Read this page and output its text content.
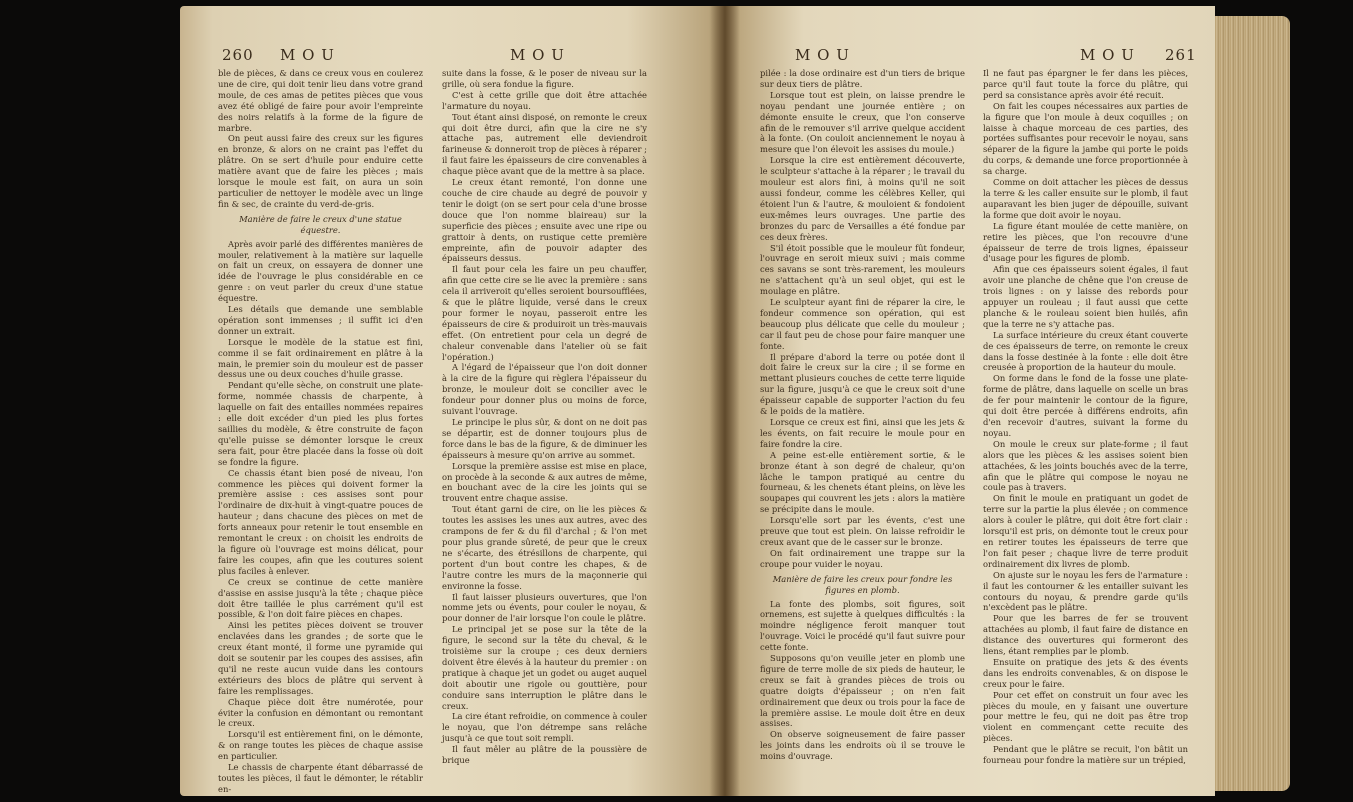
260 M O U	M O U

ble de pièces, & dans ce creux vous en coulerez une de cire, qui doit tenir lieu dans votre grand moule, de ces amas de petites pièces que vous avez été obligé de faire pour avoir l'empreinte des noirs relatifs à la forme de la figure de marbre.

On peut aussi faire des creux sur les figures en bronze, & alors on ne craint pas l'effet du plâtre. On se sert d'huile pour enduire cette matière avant que de faire les pièces ; mais lorsque le moule est fait, on aura un soin particulier de nettoyer le modèle avec un linge fin & sec, de crainte du verd-de-gris.

Manière de faire le creux d'une statue équestre.

Après avoir parlé des différentes manières de mouler, relativement à la matière sur laquelle on fait un creux, on essayera de donner une idée de l'ouvrage le plus considérable en ce genre : on veut parler du creux d'une statue équestre.

Les détails que demande une semblable opération sont immenses ; il suffit ici d'en donner un extrait.

Lorsque le modèle de la statue est fini, comme il se fait ordinairement en plâtre à la main, le premier soin du mouleur est de passer dessus une ou deux couches d'huile grasse.

Pendant qu'elle sèche, on construit une plate-forme, nommée chassis de charpente, à laquelle on fait des entailles nommées repaires : elle doit excéder d'un pied les plus fortes saillies du modèle, & être construite de façon qu'elle puisse se démonter lorsque le creux sera fait, pour être placée dans la fosse où doit se fondre la figure.

Ce chassis étant bien posé de niveau, l'on commence les pièces qui doivent former la première assise : ces assises sont pour l'ordinaire de dix-huit à vingt-quatre pouces de hauteur ; dans chacune des pièces on met de forts anneaux pour retenir le tout ensemble en remontant le creux : on choisit les endroits de la figure où l'ouvrage est moins délicat, pour faire les coupes, afin que les coutures soient plus faciles à enlever.

Ce creux se continue de cette manière d'assise en assise jusqu'à la tête ; chaque pièce doit être taillée le plus carrément qu'il est possible, & l'on doit faire pièces en chapes.

Ainsi les petites pièces doivent se trouver enclavées dans les grandes ; de sorte que le creux étant monté, il forme une pyramide qui doit se soutenir par les coupes des assises, afin qu'il ne reste aucun vuide dans les contours extérieurs des blocs de plâtre qui servent à faire les remplissages.

Chaque pièce doit être numérotée, pour éviter la confusion en démontant ou remontant le creux.

Lorsqu'il est entièrement fini, on le démonte, & on range toutes les pièces de chaque assise en particulier.

Le chassis de charpente étant débarrassé de toutes les pièces, il faut le démonter, le rétablir en-

suite dans la fosse, & le poser de niveau sur la grille, où sera fondue la figure.

C'est à cette grille que doit être attachée l'armature du noyau.

Tout étant ainsi disposé, on remonte le creux qui doit être durci, afin que la cire ne s'y attache pas, autrement elle deviendroit farineuse & donneroit trop de pièces à réparer ; il faut faire les épaisseurs de cire convenables à chaque pièce avant que de la mettre à sa place.

Le creux étant remonté, l'on donne une couche de cire chaude au degré de pouvoir y tenir le doigt (on se sert pour cela d'une brosse douce que l'on nomme blaireau) sur la superficie des pièces ; ensuite avec une ripe ou grattoir à dents, on rustique cette première empreinte, afin de pouvoir adapter des épaisseurs dessus.

Il faut pour cela les faire un peu chauffer, afin que cette cire se lie avec la première : sans cela il arriveroit qu'elles seroient boursoufflées, & que le plâtre liquide, versé dans le creux pour former le noyau, passeroit entre les épaisseurs de cire & produiroit un très-mauvais effet. (On entretient pour cela un degré de chaleur convenable dans l'atelier où se fait l'opération.)

A l'égard de l'épaisseur que l'on doit donner à la cire de la figure qui règlera l'épaisseur du bronze, le mouleur doit se concilier avec le fondeur pour donner plus ou moins de force, suivant l'ouvrage.

Le principe le plus sûr, & dont on ne doit pas se départir, est de donner toujours plus de force dans le bas de la figure, & de diminuer les épaisseurs à mesure qu'on arrive au sommet.

Lorsque la première assise est mise en place, on procède à la seconde & aux autres de même, en bouchant avec de la cire les joints qui se trouvent entre chaque assise.

Tout étant garni de cire, on lie les pièces & toutes les assises les unes aux autres, avec des crampons de fer & du fil d'archal ; & l'on met pour plus grande sûreté, de peur que le creux ne s'écarte, des étrésillons de charpente, qui portent d'un bout contre les chapes, & de l'autre contre les murs de la maçonnerie qui environne la fosse.

Il faut laisser plusieurs ouvertures, que l'on nomme jets ou évents, pour couler le noyau, & pour donner de l'air lorsque l'on coule le plâtre.

Le principal jet se pose sur la tête de la figure, le second sur la tête du cheval, & le troisième sur la croupe ; ces deux derniers doivent être élevés à la hauteur du premier : on pratique à chaque jet un godet ou auget auquel doit aboutir une rigole ou gouttière, pour conduire sans interruption le plâtre dans le creux.

La cire étant refroidie, on commence à couler le noyau, que l'on détrempe sans relâche jusqu'à ce que tout soit rempli.

Il faut mêler au plâtre de la poussière de brique

M O U	M O U 261

pilée : la dose ordinaire est d'un tiers de brique sur deux tiers de plâtre.

Lorsque tout est plein, on laisse prendre le noyau pendant une journée entière ; on démonte ensuite le creux, que l'on conserve afin de le remouver s'il arrive quelque accident à la fonte. (On couloit anciennement le noyau à mesure que l'on élevoit les assises du moule.)

Lorsque la cire est entièrement découverte, le sculpteur s'attache à la réparer ; le travail du mouleur est alors fini, à moins qu'il ne soit aussi fondeur, comme les célèbres Keller, qui étoient l'un & l'autre, & mouloient & fondoient eux-mêmes leurs ouvrages. Une partie des bronzes du parc de Versailles a été fondue par ces deux frères.

S'il étoit possible que le mouleur fût fondeur, l'ouvrage en seroit mieux suivi ; mais comme ces savans se sont très-rarement, les mouleurs ne s'attachent qu'à un seul objet, qui est le moulage en plâtre.

Le sculpteur ayant fini de réparer la cire, le fondeur commence son opération, qui est beaucoup plus délicate que celle du mouleur ; car il faut peu de chose pour faire manquer une fonte.

Il prépare d'abord la terre ou potée dont il doit faire le creux sur la cire ; il se forme en mettant plusieurs couches de cette terre liquide sur la figure, jusqu'à ce que le creux soit d'une épaisseur capable de supporter l'action du feu & le poids de la matière.

Lorsque ce creux est fini, ainsi que les jets & les évents, on fait recuire le moule pour en faire fondre la cire.

A peine est-elle entièrement sortie, & le bronze étant à son degré de chaleur, qu'on lâche le tampon pratiqué au centre du fourneau, & les chenets étant pleins, on lève les soupapes qui couvrent les jets : alors la matière se précipite dans le moule.

Lorsqu'elle sort par les évents, c'est une preuve que tout est plein. On laisse refroidir le creux avant que de le casser sur le bronze.

On fait ordinairement une trappe sur la croupe pour vuider le noyau.

Manière de faire les creux pour fondre les figures en plomb.

La fonte des plombs, soit figures, soit ornemens, est sujette à quelques difficultés : la moindre négligence feroit manquer tout l'ouvrage. Voici le procédé qu'il faut suivre pour cette fonte.

Supposons qu'on veuille jeter en plomb une figure de terre molle de six pieds de hauteur, le creux se fait à grandes pièces de trois ou quatre doigts d'épaisseur ; on n'en fait ordinairement que deux ou trois pour la face de la première assise. Le moule doit être en deux assises.

On observe soigneusement de faire passer les joints dans les endroits où il se trouve le moins d'ouvrage.

Il ne faut pas épargner le fer dans les pièces, parce qu'il faut toute la force du plâtre, qui perd sa consistance après avoir été recuit.

On fait les coupes nécessaires aux parties de la figure que l'on moule à deux coquilles ; on laisse à chaque morceau de ces parties, des portées suffisantes pour recevoir le noyau, sans séparer de la figure la jambe qui porte le poids du corps, & demande une force proportionnée à sa charge.

Comme on doit attacher les pièces de dessus la terre & les caller ensuite sur le plomb, il faut auparavant les bien juger de dépouille, suivant la forme que doit avoir le noyau.

La figure étant moulée de cette manière, on retire les pièces, que l'on recouvre d'une épaisseur de terre de trois lignes, épaisseur d'usage pour les figures de plomb.

Afin que ces épaisseurs soient égales, il faut avoir une planche de chêne que l'on creuse de trois lignes : on y laisse des rebords pour appuyer un rouleau ; il faut aussi que cette planche & le rouleau soient bien huilés, afin que la terre ne s'y attache pas.

La surface intérieure du creux étant couverte de ces épaisseurs de terre, on remonte le creux dans la fosse destinée à la fonte : elle doit être creusée à proportion de la hauteur du moule.

On forme dans le fond de la fosse une plate-forme de plâtre, dans laquelle on scelle un bras de fer pour maintenir le contour de la figure, qui doit être percée à différens endroits, afin d'en recevoir d'autres, suivant la forme du noyau.

On moule le creux sur plate-forme ; il faut alors que les pièces & les assises soient bien attachées, & les joints bouchés avec de la terre, afin que le plâtre qui compose le noyau ne coule pas à travers.

On finit le moule en pratiquant un godet de terre sur la partie la plus élevée ; on commence alors à couler le plâtre, qui doit être fort clair : lorsqu'il est pris, on démonte tout le creux pour en retirer toutes les épaisseurs de terre que l'on fait peser ; chaque livre de terre produit ordinairement dix livres de plomb.

On ajuste sur le noyau les fers de l'armature : il faut les contourner & les entailler suivant les contours du noyau, & prendre garde qu'ils n'excèdent pas le plâtre.

Pour que les barres de fer se trouvent attachées au plomb, il faut faire de distance en distance des ouvertures qui formeront des liens, étant remplies par le plomb.

Ensuite on pratique des jets & des évents dans les endroits convenables, & on dispose le creux pour le faire.

Pour cet effet on construit un four avec les pièces du moule, en y faisant une ouverture pour mettre le feu, qui ne doit pas être trop violent en commençant cette recuite des pièces.

Pendant que le plâtre se recuit, l'on bâtit un fourneau pour fondre la matière sur un trépied,
